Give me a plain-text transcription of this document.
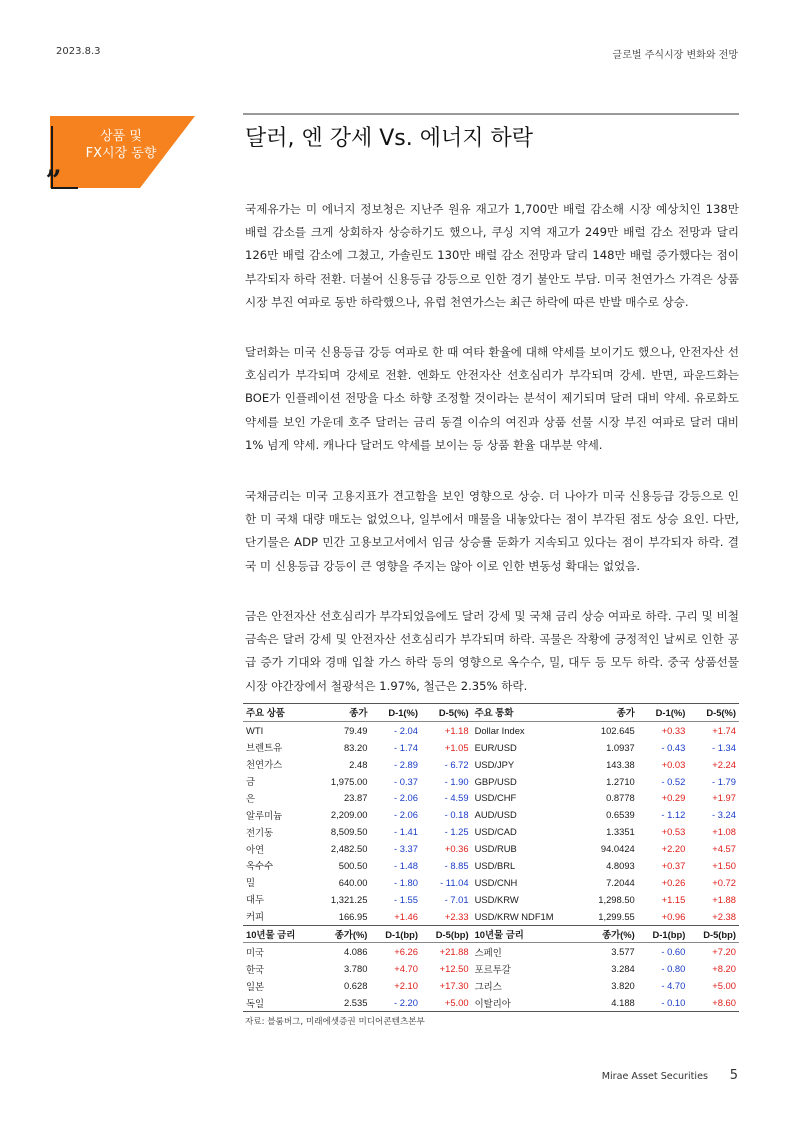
2023.8.3	글로벌 주식시장 변화와 전망
상품 및
FX시장 동향
„
달러, 엔 강세 Vs. 에너지 하락

국제유가는 미 에너지 정보청은 지난주 원유 재고가 1,700만 배럴 감소해 시장 예상치인 138만 배럴 감소를 크게 상회하자 상승하기도 했으나, 쿠싱 지역 재고가 249만 배럴 감소 전망과 달리 126만 배럴 감소에 그쳤고, 가솔린도 130만 배럴 감소 전망과 달리 148만 배럴 증가했다는 점이 부각되자 하락 전환. 더불어 신용등급 강등으로 인한 경기 불안도 부담. 미국 천연가스 가격은 상품시장 부진 여파로 동반 하락했으나, 유럽 천연가스는 최근 하락에 따른 반발 매수로 상승.

달러화는 미국 신용등급 강등 여파로 한 때 여타 환율에 대해 약세를 보이기도 했으나, 안전자산 선호심리가 부각되며 강세로 전환. 엔화도 안전자산 선호심리가 부각되며 강세. 반면, 파운드화는 BOE가 인플레이션 전망을 다소 하향 조정할 것이라는 분석이 제기되며 달러 대비 약세. 유로화도 약세를 보인 가운데 호주 달러는 금리 동결 이슈의 여진과 상품 선물 시장 부진 여파로 달러 대비 1% 넘게 약세. 캐나다 달러도 약세를 보이는 등 상품 환율 대부분 약세.

국채금리는 미국 고용지표가 견고함을 보인 영향으로 상승. 더 나아가 미국 신용등급 강등으로 인한 미 국채 대량 매도는 없었으나, 일부에서 매물을 내놓았다는 점이 부각된 점도 상승 요인. 다만, 단기물은 ADP 민간 고용보고서에서 임금 상승률 둔화가 지속되고 있다는 점이 부각되자 하락. 결국 미 신용등급 강등이 큰 영향을 주지는 않아 이로 인한 변동성 확대는 없었음.

금은 안전자산 선호심리가 부각되었음에도 달러 강세 및 국채 금리 상승 여파로 하락. 구리 및 비철금속은 달러 강세 및 안전자산 선호심리가 부각되며 하락. 곡물은 작황에 긍정적인 날씨로 인한 공급 증가 기대와 경매 입찰 가스 하락 등의 영향으로 옥수수, 밀, 대두 등 모두 하락. 중국 상품선물시장 야간장에서 철광석은 1.97%, 철근은 2.35% 하락.

주요 상품	종가	D-1(%)	D-5(%)	주요 통화	종가	D-1(%)	D-5(%)
WTI	79.49	- 2.04	+1.18	Dollar Index	102.645	+0.33	+1.74
브렌트유	83.20	- 1.74	+1.05	EUR/USD	1.0937	- 0.43	- 1.34
천연가스	2.48	- 2.89	- 6.72	USD/JPY	143.38	+0.03	+2.24
금	1,975.00	- 0.37	- 1.90	GBP/USD	1.2710	- 0.52	- 1.79
은	23.87	- 2.06	- 4.59	USD/CHF	0.8778	+0.29	+1.97
알루미늄	2,209.00	- 2.06	- 0.18	AUD/USD	0.6539	- 1.12	- 3.24
전기동	8,509.50	- 1.41	- 1.25	USD/CAD	1.3351	+0.53	+1.08
아연	2,482.50	- 3.37	+0.36	USD/RUB	94.0424	+2.20	+4.57
옥수수	500.50	- 1.48	- 8.85	USD/BRL	4.8093	+0.37	+1.50
밀	640.00	- 1.80	- 11.04	USD/CNH	7.2044	+0.26	+0.72
대두	1,321.25	- 1.55	- 7.01	USD/KRW	1,298.50	+1.15	+1.88
커피	166.95	+1.46	+2.33	USD/KRW NDF1M	1,299.55	+0.96	+2.38
10년물 금리	종가(%)	D-1(bp)	D-5(bp)	10년물 금리	종가(%)	D-1(bp)	D-5(bp)
미국	4.086	+6.26	+21.88	스페인	3.577	- 0.60	+7.20
한국	3.780	+4.70	+12.50	포르투갈	3.284	- 0.80	+8.20
일본	0.628	+2.10	+17.30	그리스	3.820	- 4.70	+5.00
독일	2.535	- 2.20	+5.00	이탈리아	4.188	- 0.10	+8.60
자료: 블룸버그, 미래에셋증권 미디어콘텐츠본부
Mirae Asset Securities 5
